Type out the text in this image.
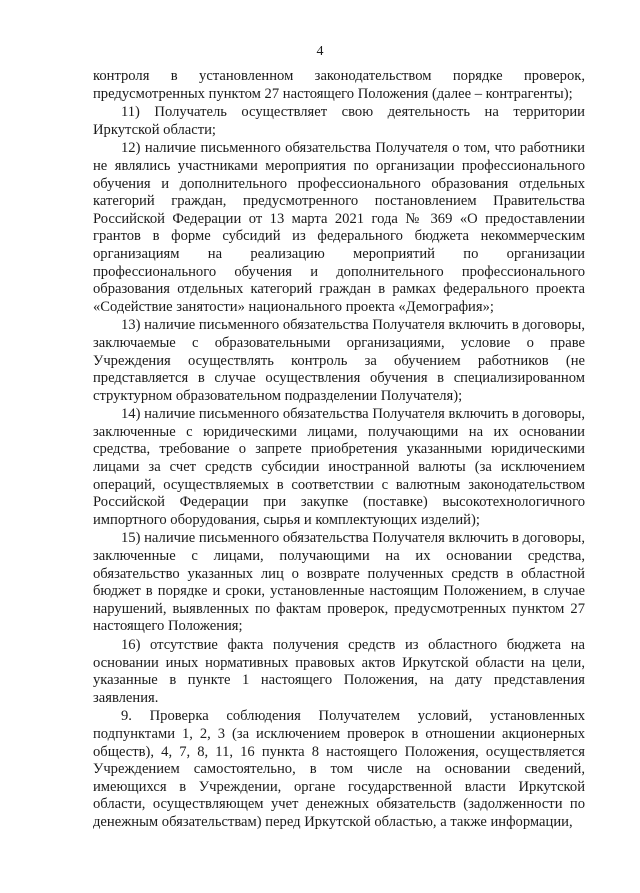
4

контроля в установленном законодательством порядке проверок, предусмотренных пунктом 27 настоящего Положения (далее – контрагенты);

11) Получатель осуществляет свою деятельность на территории Иркутской области;

12) наличие письменного обязательства Получателя о том, что работники не являлись участниками мероприятия по организации профессионального обучения и дополнительного профессионального образования отдельных категорий граждан, предусмотренного постановлением Правительства Российской Федерации от 13 марта 2021 года № 369 «О предоставлении грантов в форме субсидий из федерального бюджета некоммерческим организациям на реализацию мероприятий по организации профессионального обучения и дополнительного профессионального образования отдельных категорий граждан в рамках федерального проекта «Содействие занятости» национального проекта «Демография»;

13) наличие письменного обязательства Получателя включить в договоры, заключаемые с образовательными организациями, условие о праве Учреждения осуществлять контроль за обучением работников (не представляется в случае осуществления обучения в специализированном структурном образовательном подразделении Получателя);

14) наличие письменного обязательства Получателя включить в договоры, заключенные с юридическими лицами, получающими на их основании средства, требование о запрете приобретения указанными юридическими лицами за счет средств субсидии иностранной валюты (за исключением операций, осуществляемых в соответствии с валютным законодательством Российской Федерации при закупке (поставке) высокотехнологичного импортного оборудования, сырья и комплектующих изделий);

15) наличие письменного обязательства Получателя включить в договоры, заключенные с лицами, получающими на их основании средства, обязательство указанных лиц о возврате полученных средств в областной бюджет в порядке и сроки, установленные настоящим Положением, в случае нарушений, выявленных по фактам проверок, предусмотренных пунктом 27 настоящего Положения;

16) отсутствие факта получения средств из областного бюджета на основании иных нормативных правовых актов Иркутской области на цели, указанные в пункте 1 настоящего Положения, на дату представления заявления.

9. Проверка соблюдения Получателем условий, установленных подпунктами 1, 2, 3 (за исключением проверок в отношении акционерных обществ), 4, 7, 8, 11, 16 пункта 8 настоящего Положения, осуществляется Учреждением самостоятельно, в том числе на основании сведений, имеющихся в Учреждении, органе государственной власти Иркутской области, осуществляющем учет денежных обязательств (задолженности по денежным обязательствам) перед Иркутской областью, а также информации,
